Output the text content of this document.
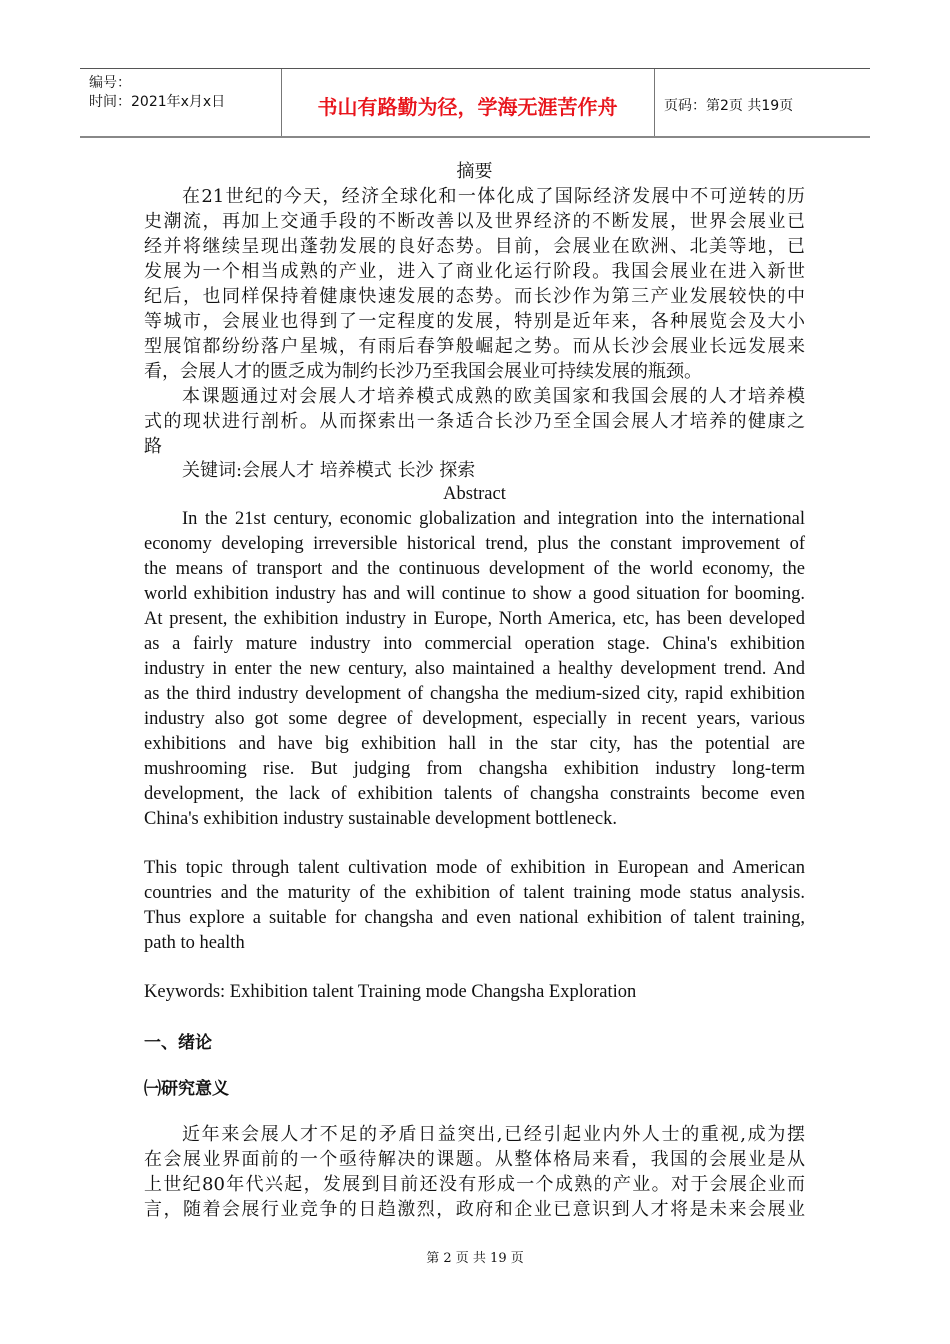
编号：
时间：2021年x月x日	书山有路勤为径，学海无涯苦作舟	页码：第2页 共19页
摘要
在21世纪的今天，经济全球化和一体化成了国际经济发展中不可逆转的历
史潮流，再加上交通手段的不断改善以及世界经济的不断发展，世界会展业已
经并将继续呈现出蓬勃发展的良好态势。目前，会展业在欧洲、北美等地，已
发展为一个相当成熟的产业，进入了商业化运行阶段。我国会展业在进入新世
纪后，也同样保持着健康快速发展的态势。而长沙作为第三产业发展较快的中
等城市，会展业也得到了一定程度的发展，特别是近年来，各种展览会及大小
型展馆都纷纷落户星城，有雨后春笋般崛起之势。而从长沙会展业长远发展来
看，会展人才的匮乏成为制约长沙乃至我国会展业可持续发展的瓶颈。
本课题通过对会展人才培养模式成熟的欧美国家和我国会展的人才培养模
式的现状进行剖析。从而探索出一条适合长沙乃至全国会展人才培养的健康之
路
关键词:会展人才 培养模式 长沙 探索
Abstract
In the 21st century, economic globalization and integration into the international
economy developing irreversible historical trend, plus the constant improvement of
the means of transport and the continuous development of the world economy, the
world exhibition industry has and will continue to show a good situation for booming.
At present, the exhibition industry in Europe, North America, etc, has been developed
as a fairly mature industry into commercial operation stage. China's exhibition
industry in enter the new century, also maintained a healthy development trend. And
as the third industry development of changsha the medium-sized city, rapid exhibition
industry also got some degree of development, especially in recent years, various
exhibitions and have big exhibition hall in the star city, has the potential are
mushrooming rise. But judging from changsha exhibition industry long-term
development, the lack of exhibition talents of changsha constraints become even
China's exhibition industry sustainable development bottleneck.
This topic through talent cultivation mode of exhibition in European and American
countries and the maturity of the exhibition of talent training mode status analysis.
Thus explore a suitable for changsha and even national exhibition of talent training,
path to health
Keywords: Exhibition talent Training mode Changsha Exploration
一、绪论
㈠研究意义
近年来会展人才不足的矛盾日益突出,已经引起业内外人士的重视,成为摆
在会展业界面前的一个亟待解决的课题。从整体格局来看，我国的会展业是从
上世纪80年代兴起，发展到目前还没有形成一个成熟的产业。对于会展企业而
言，随着会展行业竞争的日趋激烈，政府和企业已意识到人才将是未来会展业
第 2 页 共 19 页
